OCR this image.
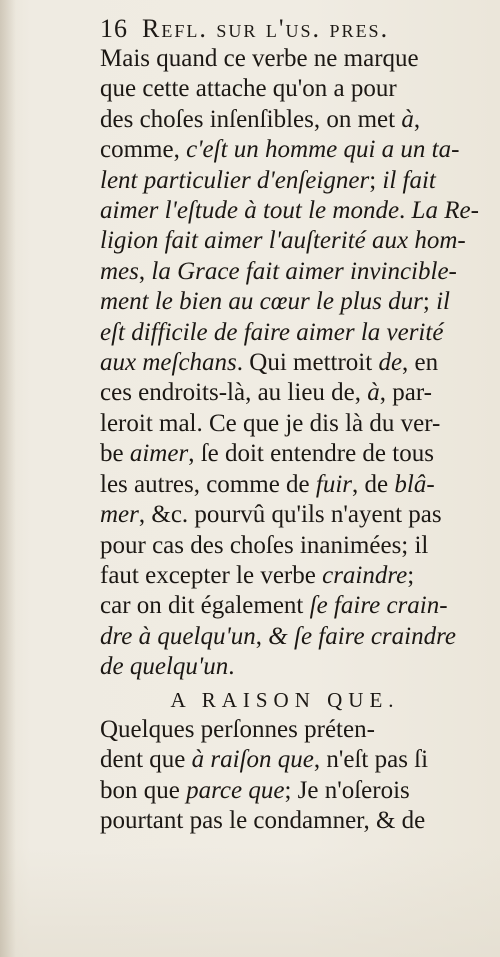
16 Refl. sur l'us. pres.
Mais quand ce verbe ne marque
que cette attache qu'on a pour
des choſes inſenſibles, on met à,
comme, c'eſt un homme qui a un ta-
lent particulier d'enſeigner; il fait
aimer l'eſtude à tout le monde. La Re-
ligion fait aimer l'auſterité aux hom-
mes, la Grace fait aimer invincible-
ment le bien au cœur le plus dur; il
eſt difficile de faire aimer la verité
aux meſchans. Qui mettroit de, en
ces endroits-là, au lieu de, à, par-
leroit mal. Ce que je dis là du ver-
be aimer, ſe doit entendre de tous
les autres, comme de fuir, de blâ-
mer, &c. pourvû qu'ils n'ayent pas
pour cas des choſes inanimées; il
faut excepter le verbe craindre;
car on dit également ſe faire crain-
dre à quelqu'un, & ſe faire craindre
de quelqu'un.
A RAISON QUE.
Quelques perſonnes préten-
dent que à raiſon que, n'eſt pas ſi
bon que parce que; Je n'oſerois
pourtant pas le condamner, & de
